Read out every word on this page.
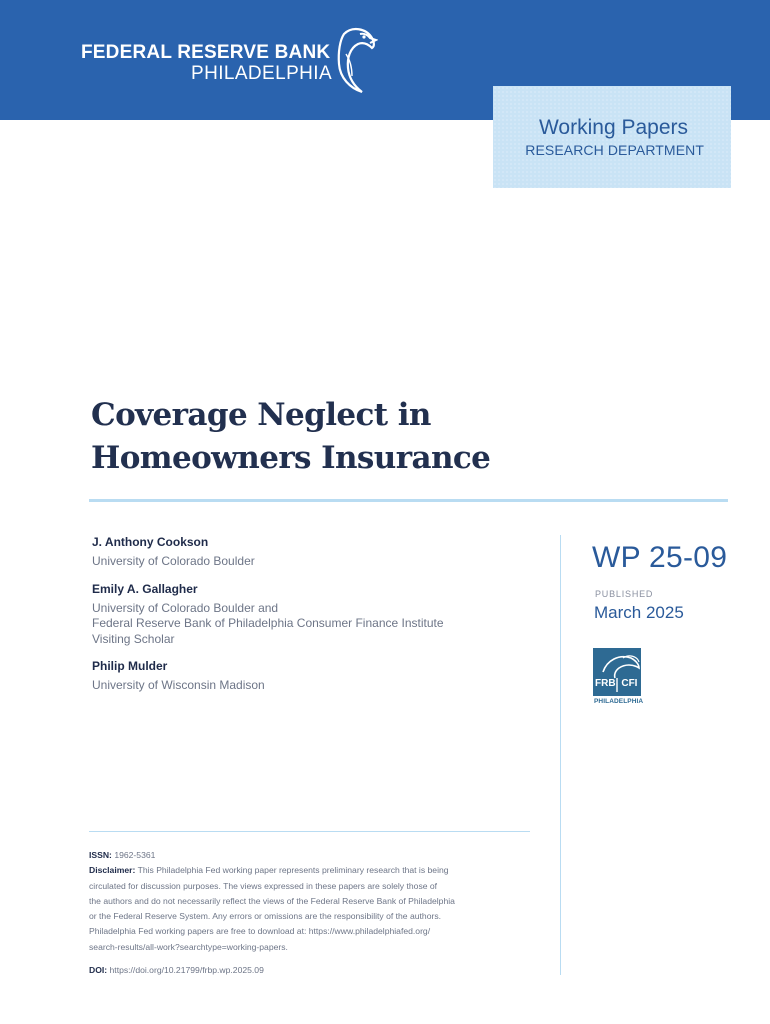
FEDERAL RESERVE BANK
PHILADELPHIA
Working Papers
RESEARCH DEPARTMENT
Coverage Neglect in
Homeowners Insurance
J. Anthony Cookson
University of Colorado Boulder
Emily A. Gallagher
University of Colorado Boulder and
Federal Reserve Bank of Philadelphia Consumer Finance Institute
Visiting Scholar
Philip Mulder
University of Wisconsin Madison
WP 25-09
PUBLISHED
March 2025
FRB CFI
PHILADELPHIA
ISSN: 1962-5361
Disclaimer: This Philadelphia Fed working paper represents preliminary research that is being
circulated for discussion purposes. The views expressed in these papers are solely those of
the authors and do not necessarily reflect the views of the Federal Reserve Bank of Philadelphia
or the Federal Reserve System. Any errors or omissions are the responsibility of the authors.
Philadelphia Fed working papers are free to download at: https://www.philadelphiafed.org/
search-results/all-work?searchtype=working-papers.
DOI: https://doi.org/10.21799/frbp.wp.2025.09
